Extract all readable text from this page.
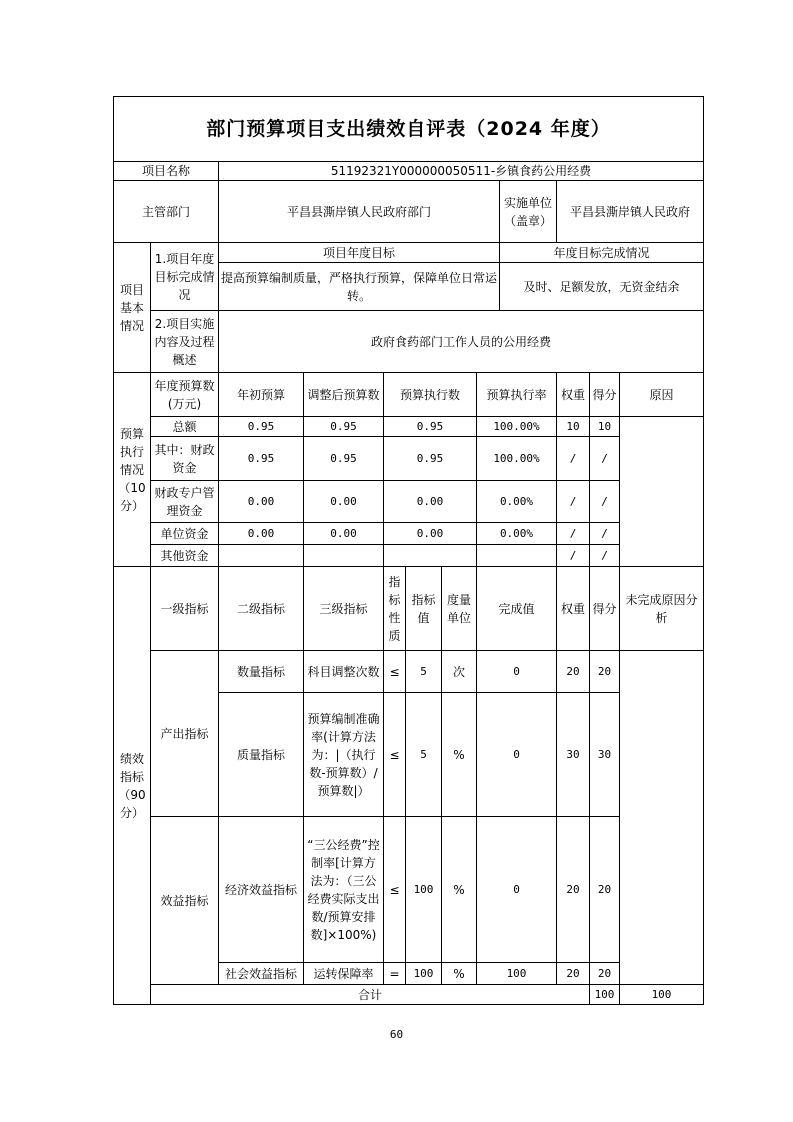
部门预算项目支出绩效自评表（2024 年度）												
项目名称		51192321Y000000050511-乡镇食药公用经费										
主管部门		平昌县澌岸镇人民政府部门						实施单位（盖章）	平昌县澌岸镇人民政府			
项目基本情况	1.项目年度目标完成情况	项目年度目标						年度目标完成情况				
		提高预算编制质量，严格执行预算，保障单位日常运转。						及时、足额发放，无资金结余				
	2.项目实施内容及过程概述	政府食药部门工作人员的公用经费										
预算执行情况（10分）	年度预算数(万元)	年初预算	调整后预算数	预算执行数			预算执行率		权重	得分	原因	
	总额	0.95	0.95	0.95			100.00%		10	10		
	其中：财政资金	0.95	0.95	0.95			100.00%		/	/		
	财政专户管理资金	0.00	0.00	0.00			0.00%		/	/		
	单位资金	0.00	0.00	0.00			0.00%		/	/		
	其他资金								/	/		
绩效指标（90分）	一级指标	二级指标	三级指标	指标性质	指标值	度量单位	完成值		权重	得分	未完成原因分析	
	产出指标	数量指标	科目调整次数	≤	5	次	0		20	20		
		质量指标	预算编制准确率(计算方法为：|（执行数-预算数）/预算数|）	≤	5	%	0		30	30		
	效益指标	经济效益指标	“三公经费”控制率[计算方法为：（三公经费实际支出数/预算安排数]×100%)	≤	100	%	0		20	20		
		社会效益指标	运转保障率	=	100	%	100		20	20		
	合计									100	100	
60
